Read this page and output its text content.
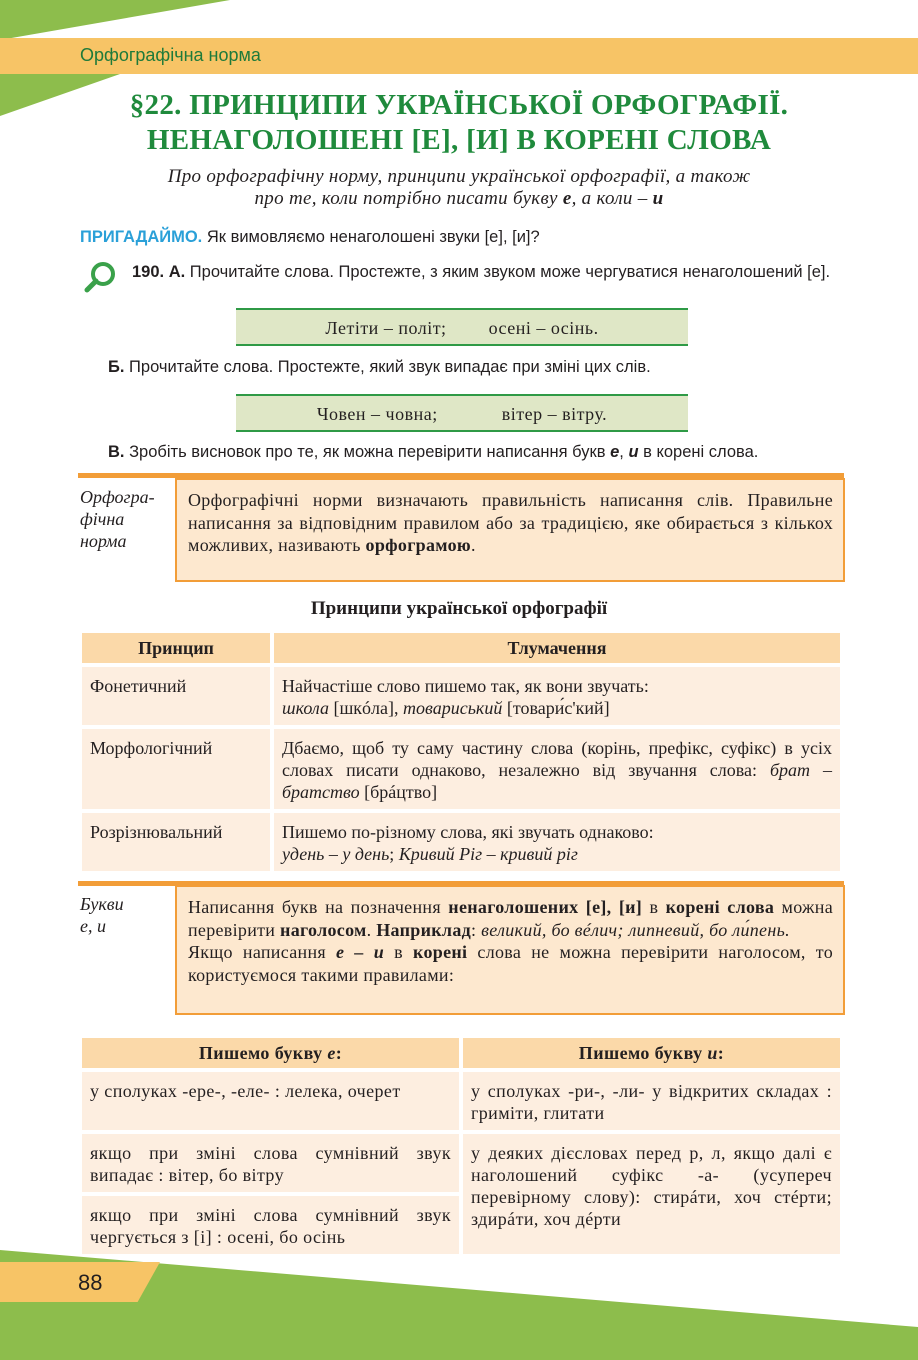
Орфографічна норма
§22. ПРИНЦИПИ УКРАЇНСЬКОЇ ОРФОГРАФІЇ.
НЕНАГОЛОШЕНІ [Е], [И] В КОРЕНІ СЛОВА
Про орфографічну норму, принципи української орфографії, а також
про те, коли потрібно писати букву е, а коли – и
ПРИГАДАЙМО. Як вимовляємо ненаголошені звуки [е], [и]?
190. А. Прочитайте слова. Простежте, з яким звуком може чергуватися ненаголошений [е].
Летіти – політ; осені – осінь.
Б. Прочитайте слова. Простежте, який звук випадає при зміні цих слів.
Човен – човна;	вітер – вітру.
В. Зробіть висновок про те, як можна перевірити написання букв е, и в корені слова.
Орфогра-
фічна
норма
Орфографічні норми визначають правильність написання слів. Правильне написання за відповідним правилом або за традицією, яке обирається з кількох можливих, називають орфограмою.
Принципи української орфографії
Принцип	Тлумачення
Фонетичний	Найчастіше слово пишемо так, як вони звучать:
школа [шкóла], товариський [товари́с'кий]
Морфологічний	Дбаємо, щоб ту саму частину слова (корінь, префікс, суфікс) в усіх словах писати однаково, незалежно від звучання слова: брат – братство [брáцтво]
Розрізнювальний	Пишемо по-різному слова, які звучать однаково:
удень – у день; Кривий Ріг – кривий ріг
Букви
е, и
Написання букв на позначення ненаголошених [е], [и] в корені слова можна перевірити наголосом. Наприклад: великий, бо вéлич; липневий, бо ли́пень.
Якщо написання е – и в корені слова не можна перевірити наголосом, то користуємося такими правилами:
Пишемо букву е:	Пишемо букву и:
у сполуках -ере-, -еле- : лелека, очерет	у сполуках -ри-, -ли- у відкритих складах : гриміти, глитати
якщо при зміні слова сумнівний звук випадає : вітер, бо вітру	у деяких дієсловах перед р, л, якщо далі є наголошений суфікс -а- (усупереч перевірному слову): стирáти, хоч стéрти; здирáти, хоч дéрти
якщо при зміні слова сумнівний звук чергується з [і] : осені, бо осінь	
88
